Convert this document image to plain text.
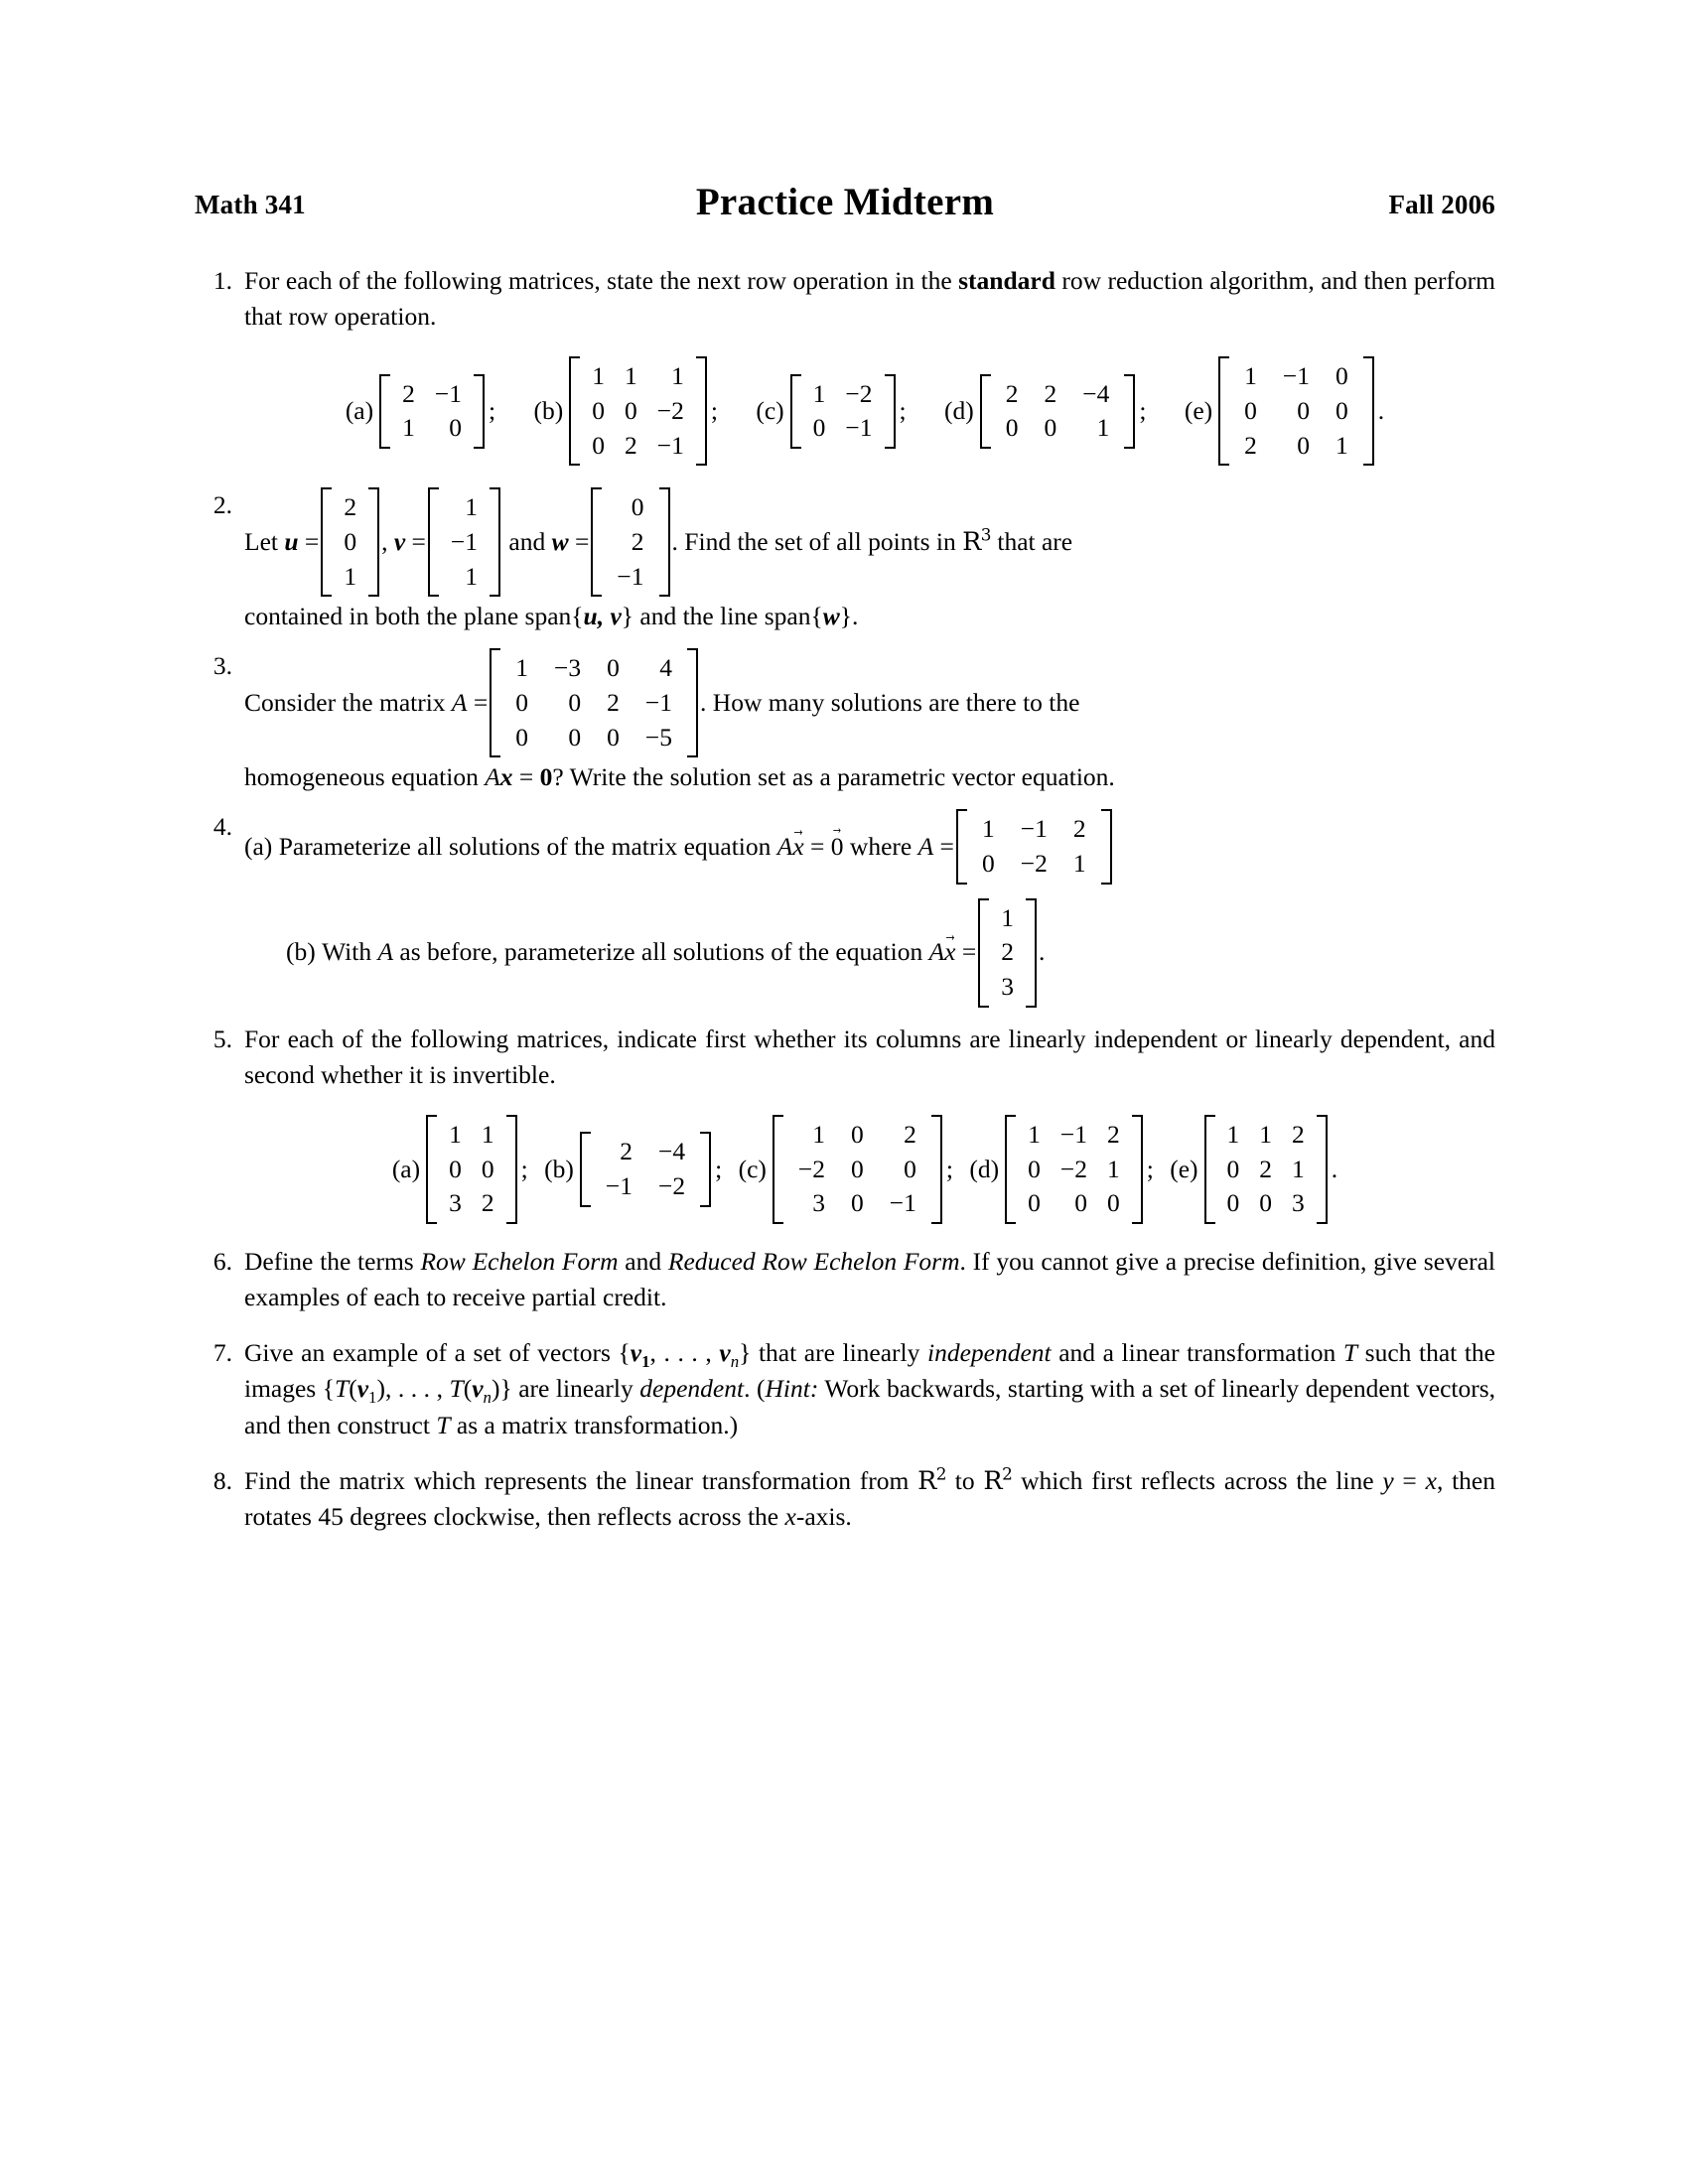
Math 341	Practice Midterm	Fall 2006
1. For each of the following matrices, state the next row operation in the standard row reduction algorithm, and then perform that row operation.
(a)
2	−1
1	0
; (b)
1	1	1
0	0	−2
0	2	−1
; (c)
1	−2
0	−1
; (d)
2	2	−4
0	0	1
; (e)
1	−1	0
0	0	0
2	0	1
.
2.
Let u =
2
0
1
, v =
1
−1
1
and w =
0
2
−1
. Find the set of all points in $R^3$ that are
contained in both the plane span{u, v} and the line span{w}.
3.
Consider the matrix A =
1	−3	0	4
0	0	2	−1
0	0	0	−5
. How many solutions are there to the
homogeneous equation Ax = 0? Write the solution set as a parametric vector equation.
4.
(a) Parameterize all solutions of the matrix equation Ax → = 0 → where A =
1	−1	2
0	−2	1
(b) With A as before, parameterize all solutions of the equation Ax → =
1
2
3
.
5. For each of the following matrices, indicate first whether its columns are linearly independent or linearly dependent, and second whether it is invertible.
(a)
1	1
0	0
3	2
; (b)
2	−4
−1	−2
; (c)
1	0	2
−2	0	0
3	0	−1
; (d)
1	−1	2
0	−2	1
0	0	0
; (e)
1	1	2
0	2	1
0	0	3
.
6. Define the terms Row Echelon Form and Reduced Row Echelon Form. If you cannot give a precise definition, give several examples of each to receive partial credit.
7. Give an example of a set of vectors {$v_1$, . . . , $v_n$} that are linearly independent and a linear transformation T such that the images {$T(v_1)$, . . . , $T(v_n)$} are linearly dependent. (Hint: Work backwards, starting with a set of linearly dependent vectors, and then construct T as a matrix transformation.)
8. Find the matrix which represents the linear transformation from $R^2$ to $R^2$ which first reflects across the line y = x, then rotates 45 degrees clockwise, then reflects across the x-axis.
